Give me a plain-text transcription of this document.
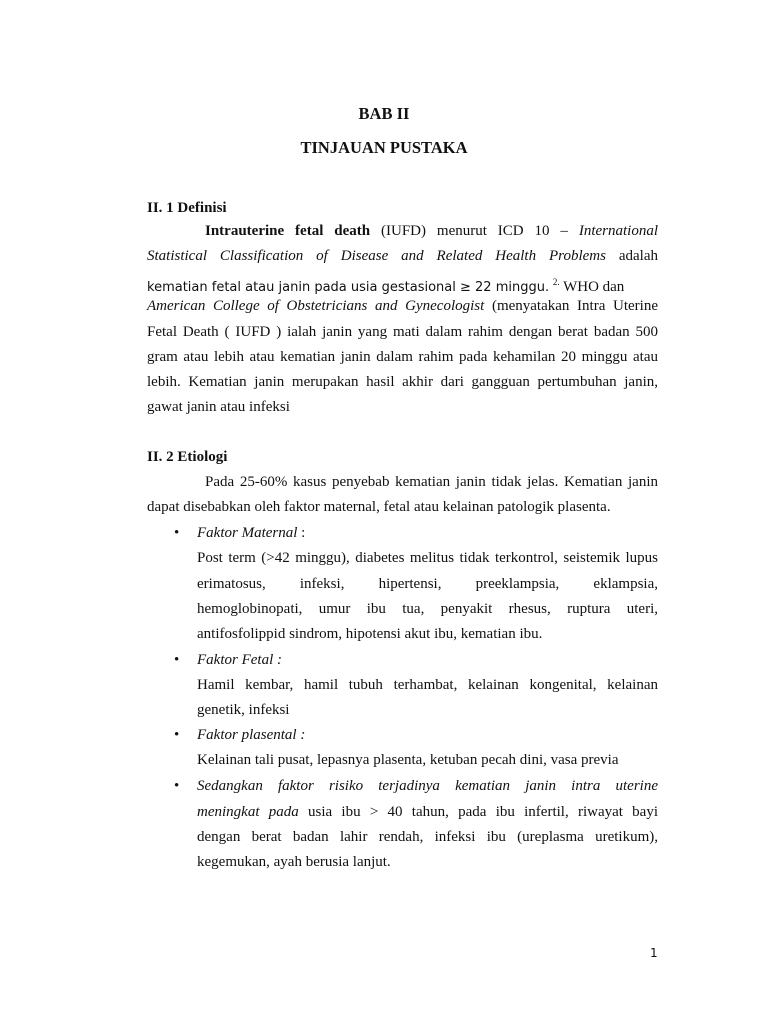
BAB II
TINJAUAN PUSTAKA
II. 1 Definisi
Intrauterine fetal death (IUFD) menurut ICD 10 – International
Statistical Classification of Disease and Related Health Problems adalah
kematian fetal atau janin pada usia gestasional ≥ 22 minggu. $^{2.}$ WHO dan
American College of Obstetricians and Gynecologist (menyatakan Intra Uterine
Fetal Death ( IUFD ) ialah janin yang mati dalam rahim dengan berat badan 500
gram atau lebih atau kematian janin dalam rahim pada kehamilan 20 minggu atau
lebih. Kematian janin merupakan hasil akhir dari gangguan pertumbuhan janin,
gawat janin atau infeksi
II. 2 Etiologi
Pada 25-60% kasus penyebab kematian janin tidak jelas. Kematian janin
dapat disebabkan oleh faktor maternal, fetal atau kelainan patologik plasenta.
• Faktor Maternal :
Post term (>42 minggu), diabetes melitus tidak terkontrol, seistemik lupus
erimatosus, infeksi, hipertensi, preeklampsia, eklampsia,
hemoglobinopati, umur ibu tua, penyakit rhesus, ruptura uteri,
antifosfolippid sindrom, hipotensi akut ibu, kematian ibu.
• Faktor Fetal :
Hamil kembar, hamil tubuh terhambat, kelainan kongenital, kelainan
genetik, infeksi
• Faktor plasental :
Kelainan tali pusat, lepasnya plasenta, ketuban pecah dini, vasa previa
• Sedangkan faktor risiko terjadinya kematian janin intra uterine
meningkat pada usia ibu > 40 tahun, pada ibu infertil, riwayat bayi
dengan berat badan lahir rendah, infeksi ibu (ureplasma uretikum),
kegemukan, ayah berusia lanjut.
1
